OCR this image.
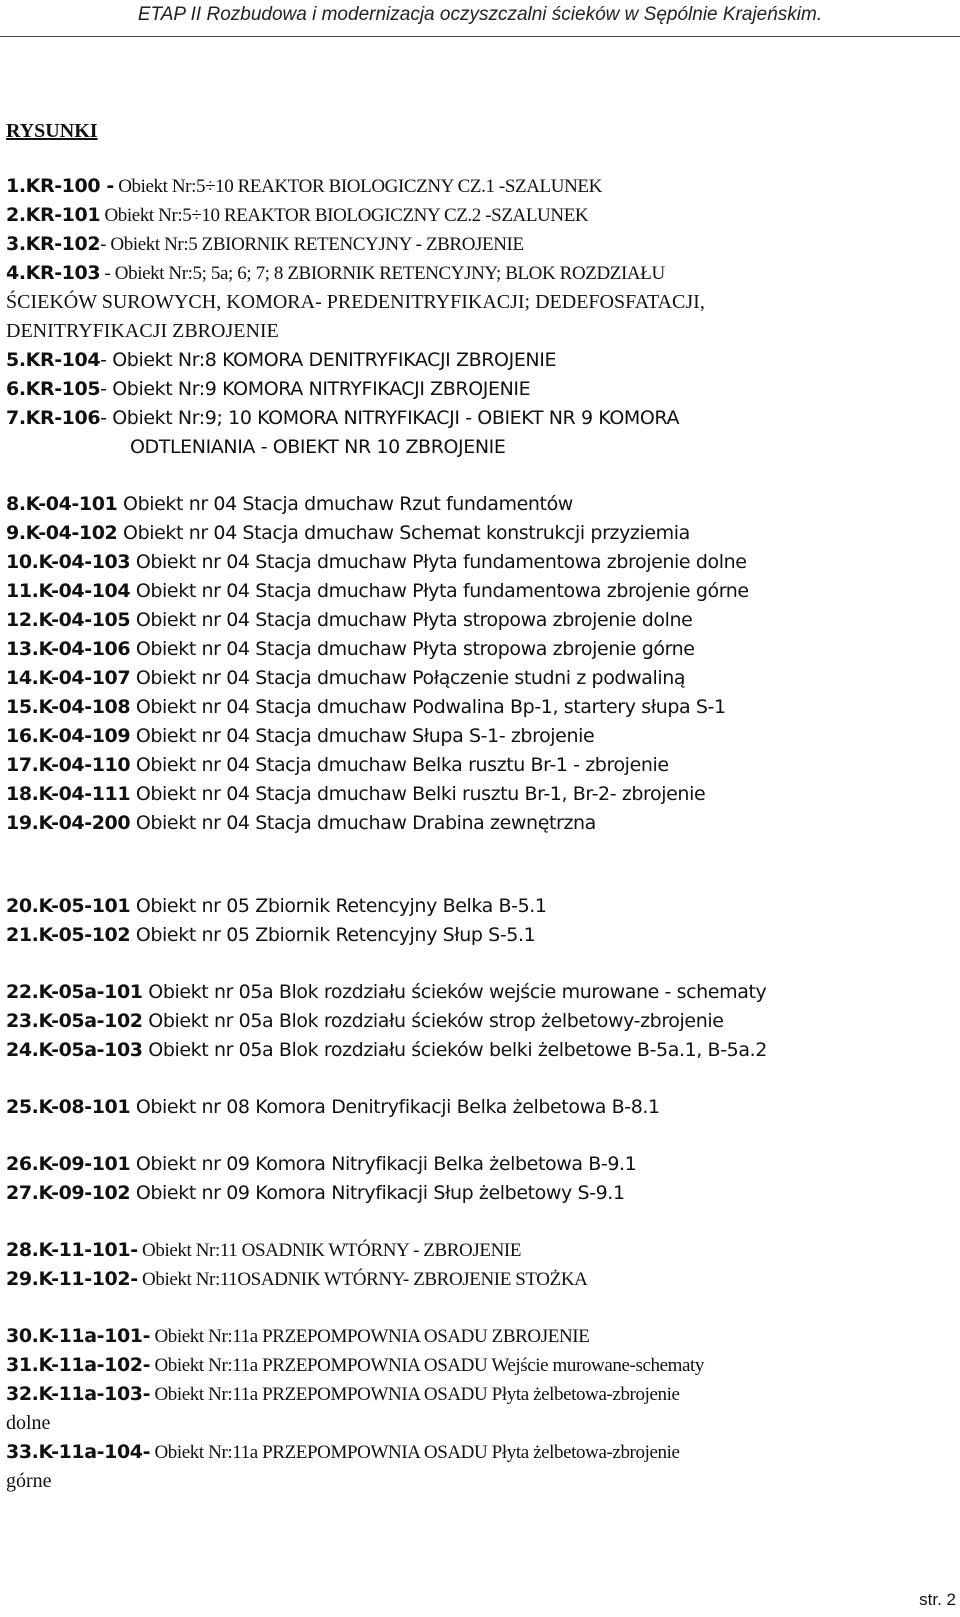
ETAP II Rozbudowa i modernizacja oczyszczalni ścieków w Sępólnie Krajeńskim.
RYSUNKI
1.KR-100 - Obiekt Nr:5÷10 REAKTOR BIOLOGICZNY CZ.1 -SZALUNEK
2.KR-101 Obiekt Nr:5÷10 REAKTOR BIOLOGICZNY CZ.2 -SZALUNEK
3.KR-102- Obiekt Nr:5 ZBIORNIK RETENCYJNY - ZBROJENIE
4.KR-103 - Obiekt Nr:5; 5a; 6; 7; 8 ZBIORNIK RETENCYJNY; BLOK ROZDZIAŁU
ŚCIEKÓW SUROWYCH, KOMORA- PREDENITRYFIKACJI; DEDEFOSFATACJI,
DENITRYFIKACJI ZBROJENIE
5.KR-104- Obiekt Nr:8 KOMORA DENITRYFIKACJI ZBROJENIE
6.KR-105- Obiekt Nr:9 KOMORA NITRYFIKACJI ZBROJENIE
7.KR-106- Obiekt Nr:9; 10 KOMORA NITRYFIKACJI - OBIEKT NR 9 KOMORA
ODTLENIANIA - OBIEKT NR 10 ZBROJENIE
8.K-04-101 Obiekt nr 04 Stacja dmuchaw Rzut fundamentów
9.K-04-102 Obiekt nr 04 Stacja dmuchaw Schemat konstrukcji przyziemia
10.K-04-103 Obiekt nr 04 Stacja dmuchaw Płyta fundamentowa zbrojenie dolne
11.K-04-104 Obiekt nr 04 Stacja dmuchaw Płyta fundamentowa zbrojenie górne
12.K-04-105 Obiekt nr 04 Stacja dmuchaw Płyta stropowa zbrojenie dolne
13.K-04-106 Obiekt nr 04 Stacja dmuchaw Płyta stropowa zbrojenie górne
14.K-04-107 Obiekt nr 04 Stacja dmuchaw Połączenie studni z podwaliną
15.K-04-108 Obiekt nr 04 Stacja dmuchaw Podwalina Bp-1, startery słupa S-1
16.K-04-109 Obiekt nr 04 Stacja dmuchaw Słupa S-1- zbrojenie
17.K-04-110 Obiekt nr 04 Stacja dmuchaw Belka rusztu Br-1 - zbrojenie
18.K-04-111 Obiekt nr 04 Stacja dmuchaw Belki rusztu Br-1, Br-2- zbrojenie
19.K-04-200 Obiekt nr 04 Stacja dmuchaw Drabina zewnętrzna
20.K-05-101 Obiekt nr 05 Zbiornik Retencyjny Belka B-5.1
21.K-05-102 Obiekt nr 05 Zbiornik Retencyjny Słup S-5.1
22.K-05a-101 Obiekt nr 05a Blok rozdziału ścieków wejście murowane - schematy
23.K-05a-102 Obiekt nr 05a Blok rozdziału ścieków strop żelbetowy-zbrojenie
24.K-05a-103 Obiekt nr 05a Blok rozdziału ścieków belki żelbetowe B-5a.1, B-5a.2
25.K-08-101 Obiekt nr 08 Komora Denitryfikacji Belka żelbetowa B-8.1
26.K-09-101 Obiekt nr 09 Komora Nitryfikacji Belka żelbetowa B-9.1
27.K-09-102 Obiekt nr 09 Komora Nitryfikacji Słup żelbetowy S-9.1
28.K-11-101- Obiekt Nr:11 OSADNIK WTÓRNY - ZBROJENIE
29.K-11-102- Obiekt Nr:11OSADNIK WTÓRNY- ZBROJENIE STOŻKA
30.K-11a-101- Obiekt Nr:11a PRZEPOMPOWNIA OSADU ZBROJENIE
31.K-11a-102- Obiekt Nr:11a PRZEPOMPOWNIA OSADU Wejście murowane-schematy
32.K-11a-103- Obiekt Nr:11a PRZEPOMPOWNIA OSADU Płyta żelbetowa-zbrojenie
dolne
33.K-11a-104- Obiekt Nr:11a PRZEPOMPOWNIA OSADU Płyta żelbetowa-zbrojenie
górne
str. 2
